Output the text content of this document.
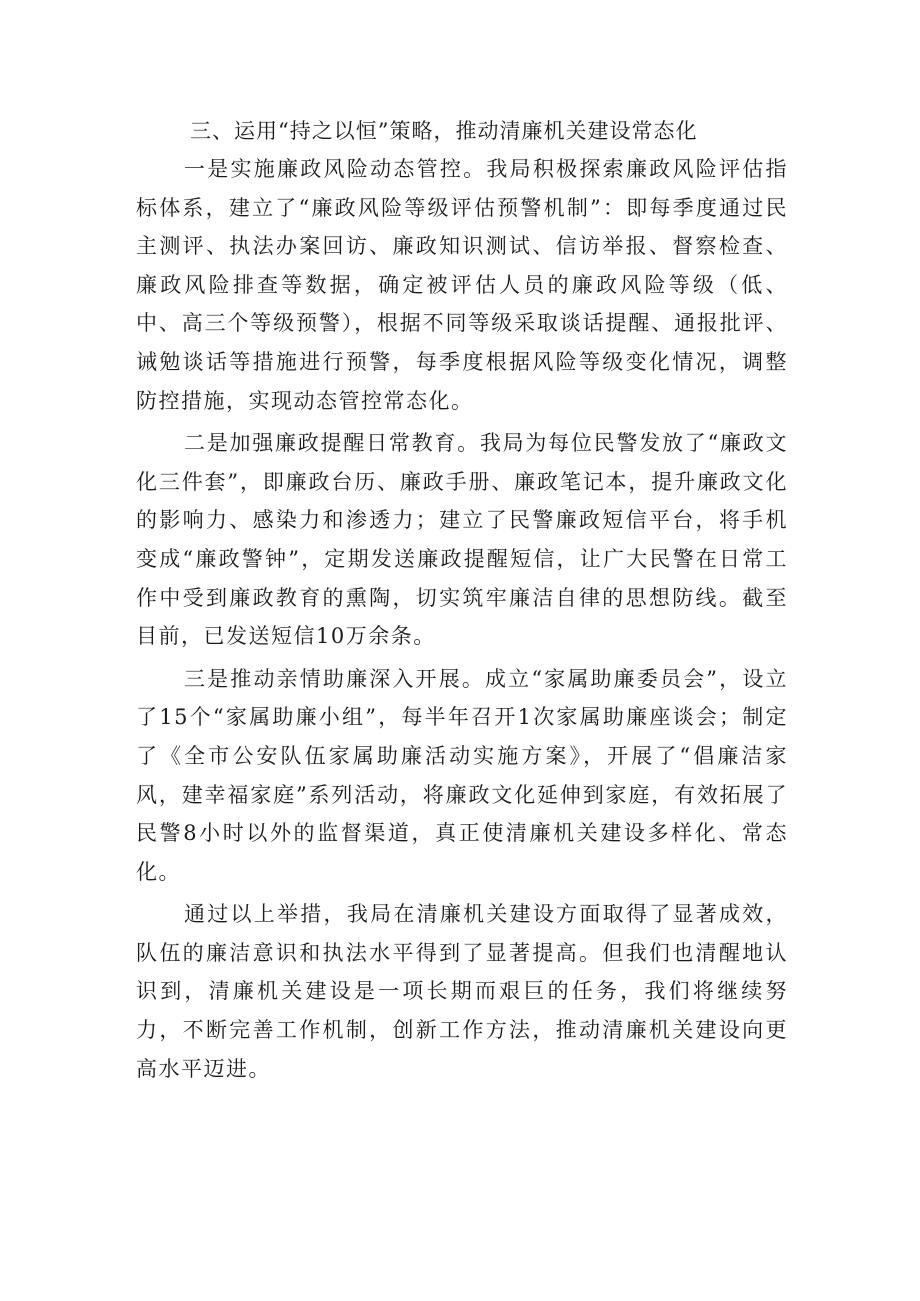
三、运用“持之以恒”策略，推动清廉机关建设常态化

一是实施廉政风险动态管控。我局积极探索廉政风险评估指标体系，建立了“廉政风险等级评估预警机制”：即每季度通过民主测评、执法办案回访、廉政知识测试、信访举报、督察检查、廉政风险排查等数据，确定被评估人员的廉政风险等级（低、中、高三个等级预警），根据不同等级采取谈话提醒、通报批评、诫勉谈话等措施进行预警，每季度根据风险等级变化情况，调整防控措施，实现动态管控常态化。

二是加强廉政提醒日常教育。我局为每位民警发放了“廉政文化三件套”，即廉政台历、廉政手册、廉政笔记本，提升廉政文化的影响力、感染力和渗透力；建立了民警廉政短信平台，将手机变成“廉政警钟”，定期发送廉政提醒短信，让广大民警在日常工作中受到廉政教育的熏陶，切实筑牢廉洁自律的思想防线。截至目前，已发送短信10万余条。

三是推动亲情助廉深入开展。成立“家属助廉委员会”，设立了15个“家属助廉小组”，每半年召开1次家属助廉座谈会；制定了《全市公安队伍家属助廉活动实施方案》，开展了“倡廉洁家风，建幸福家庭”系列活动，将廉政文化延伸到家庭，有效拓展了民警8小时以外的监督渠道，真正使清廉机关建设多样化、常态化。

通过以上举措，我局在清廉机关建设方面取得了显著成效，队伍的廉洁意识和执法水平得到了显著提高。但我们也清醒地认识到，清廉机关建设是一项长期而艰巨的任务，我们将继续努力，不断完善工作机制，创新工作方法，推动清廉机关建设向更高水平迈进。
